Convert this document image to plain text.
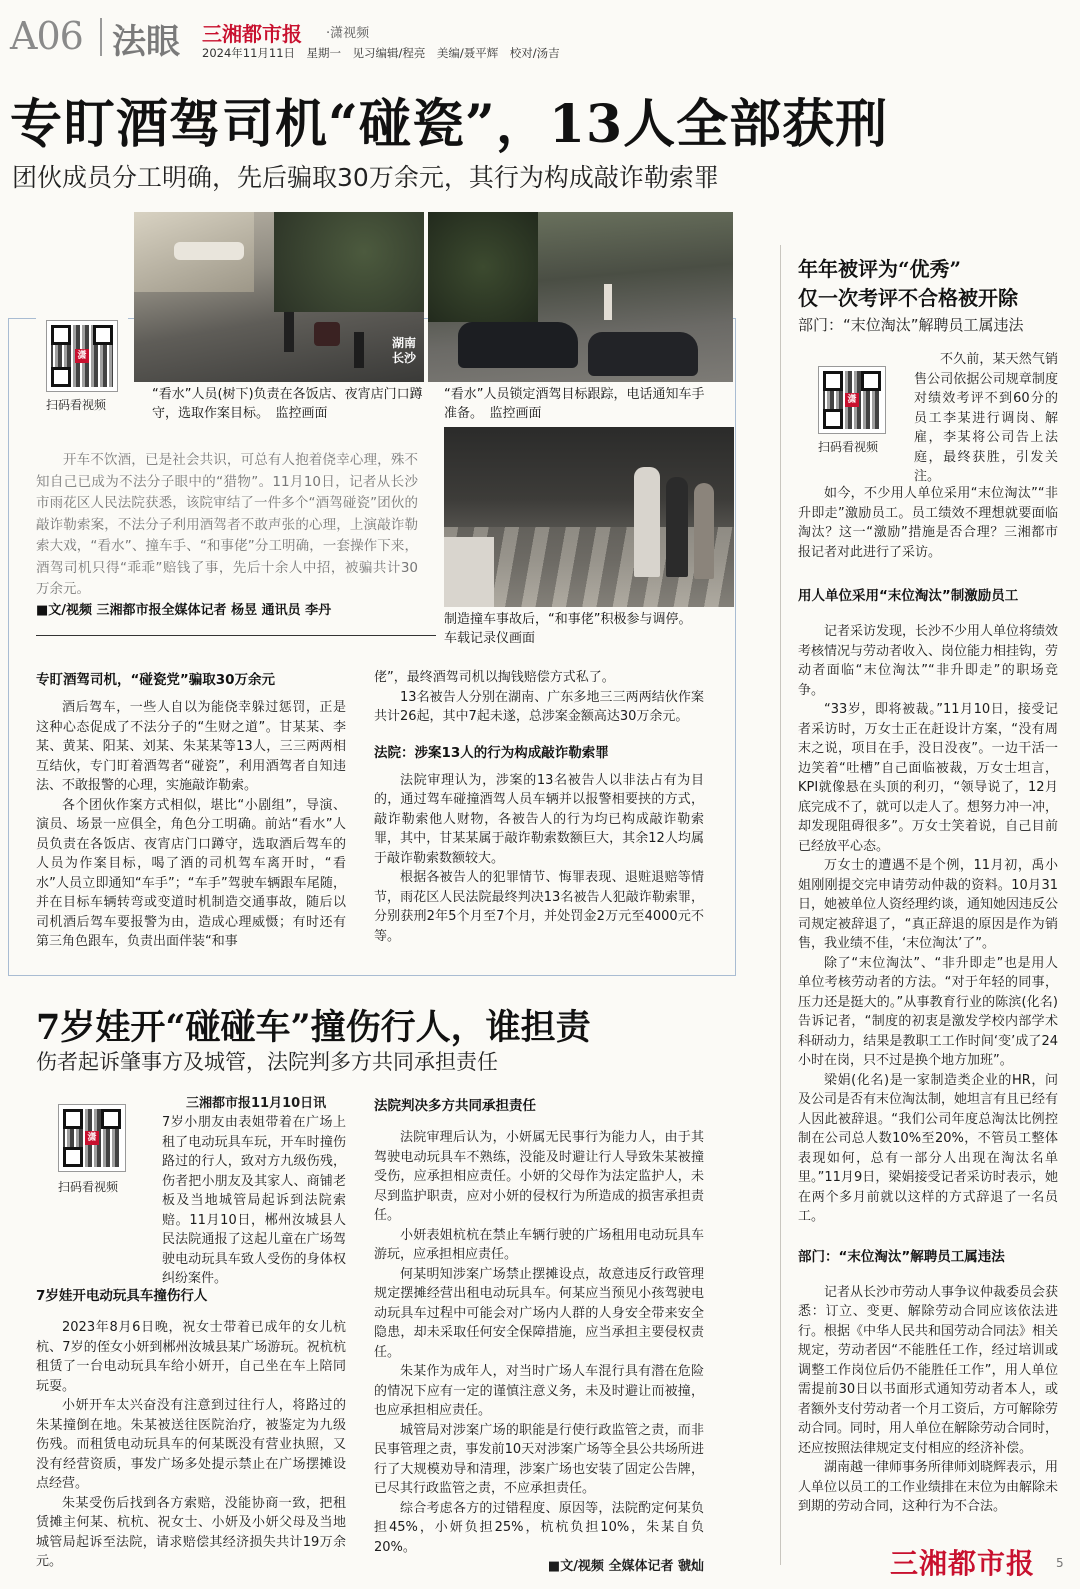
A06 法眼 三湘都市报 ·潇视频
2024年11月11日　星期一　见习编辑/程亮　美编/聂平辉　校对/汤吉
专盯酒驾司机“碰瓷”，13人全部获刑
团伙成员分工明确，先后骗取30万余元，其行为构成敲诈勒索罪
潇
扫码看视频
湖南长沙
“看水”人员(树下)负责在各饭店、夜宵店门口蹲守，选取作案目标。　监控画面
“看水”人员锁定酒驾目标跟踪，电话通知车手准备。　监控画面
制造撞车事故后，“和事佬”积极参与调停。　车载记录仪画面

开车不饮酒，已是社会共识，可总有人抱着侥幸心理，殊不知自己已成为不法分子眼中的“猎物”。11月10日，记者从长沙市雨花区人民法院获悉，该院审结了一件多个“酒驾碰瓷”团伙的敲诈勒索案，不法分子利用酒驾者不敢声张的心理，上演敲诈勒索大戏，“看水”、撞车手、“和事佬”分工明确，一套操作下来，酒驾司机只得“乖乖”赔钱了事，先后十余人中招，被骗共计30万余元。

■文/视频 三湘都市报全媒体记者 杨昱 通讯员 李丹
专盯酒驾司机，“碰瓷党”骗取30万余元

酒后驾车，一些人自以为能侥幸躲过惩罚，正是这种心态促成了不法分子的“生财之道”。甘某某、李某、黄某、阳某、刘某、朱某某等13人，三三两两相互结伙，专门盯着酒驾者“碰瓷”，利用酒驾者自知违法、不敢报警的心理，实施敲诈勒索。

各个团伙作案方式相似，堪比“小剧组”，导演、演员、场景一应俱全，角色分工明确。前站“看水”人员负责在各饭店、夜宵店门口蹲守，选取酒后驾车的人员为作案目标，喝了酒的司机驾车离开时，“看水”人员立即通知“车手”；“车手”驾驶车辆跟车尾随，并在目标车辆转弯或变道时机制造交通事故，随后以司机酒后驾车要报警为由，造成心理威慑；有时还有第三角色跟车，负责出面伴装“和事

佬”，最终酒驾司机以掏钱赔偿方式私了。

13名被告人分别在湖南、广东多地三三两两结伙作案共计26起，其中7起未遂，总涉案金额高达30万余元。

法院：涉案13人的行为构成敲诈勒索罪

法院审理认为，涉案的13名被告人以非法占有为目的，通过驾车碰撞酒驾人员车辆并以报警相要挟的方式，敲诈勒索他人财物，各被告人的行为均已构成敲诈勒索罪，其中，甘某某属于敲诈勒索数额巨大，其余12人均属于敲诈勒索数额较大。

根据各被告人的犯罪情节、悔罪表现、退赃退赔等情节，雨花区人民法院最终判决13名被告人犯敲诈勒索罪，分别获刑2年5个月至7个月，并处罚金2万元至4000元不等。

年年被评为“优秀”
仅一次考评不合格被开除
部门：“末位淘汰”解聘员工属违法
潇
扫码看视频

不久前，某天然气销售公司依据公司规章制度对绩效考评不到60分的员工李某进行调岗、解雇，李某将公司告上法庭，最终获胜，引发关注。

如今，不少用人单位采用“末位淘汰”“非升即走”激励员工。员工绩效不理想就要面临淘汰？这一“激励”措施是否合理？三湘都市报记者对此进行了采访。

用人单位采用“末位淘汰”制激励员工

记者采访发现，长沙不少用人单位将绩效考核情况与劳动者收入、岗位能力相挂钩，劳动者面临“末位淘汰”“非升即走”的职场竞争。

“33岁，即将被裁。”11月10日，接受记者采访时，万女士正在赶设计方案，“没有周末之说，项目在手，没日没夜”。一边干活一边笑着“吐槽”自己面临被裁，万女士坦言，KPI就像悬在头顶的利刃，“领导说了，12月底完成不了，就可以走人了。想努力冲一冲，却发现阻碍很多”。万女士笑着说，自己目前已经放平心态。

万女士的遭遇不是个例，11月初，禹小姐刚刚提交完申请劳动仲裁的资料。10月31日，她被单位人资经理约谈，通知她因违反公司规定被辞退了，“真正辞退的原因是作为销售，我业绩不佳，‘末位淘汰’了”。

除了“末位淘汰”、“非升即走”也是用人单位考核劳动者的方法。“对于年轻的同事，压力还是挺大的。”从事教育行业的陈滨(化名)告诉记者，“制度的初衷是激发学校内部学术科研动力，结果是教职工工作时间‘变’成了24小时在岗，只不过是换个地方加班”。

梁娟(化名)是一家制造类企业的HR，问及公司是否有末位淘汰制，她坦言有且已经有人因此被辞退。“我们公司年度总淘汰比例控制在公司总人数10%至20%，不管员工整体表现如何，总有一部分人出现在淘汰名单里。”11月9日，梁娟接受记者采访时表示，她在两个多月前就以这样的方式辞退了一名员工。

部门：“末位淘汰”解聘员工属违法

记者从长沙市劳动人事争议仲裁委员会获悉：订立、变更、解除劳动合同应该依法进行。根据《中华人民共和国劳动合同法》相关规定，劳动者因“不能胜任工作，经过培训或调整工作岗位后仍不能胜任工作”，用人单位需提前30日以书面形式通知劳动者本人，或者额外支付劳动者一个月工资后，方可解除劳动合同。同时，用人单位在解除劳动合同时，还应按照法律规定支付相应的经济补偿。

湖南越一律师事务所律师刘晓辉表示，用人单位以员工的工作业绩排在末位为由解除未到期的劳动合同，这种行为不合法。

7岁娃开“碰碰车”撞伤行人，谁担责
伤者起诉肇事方及城管，法院判多方共同承担责任
潇
扫码看视频
三湘都市报11月10日讯
7岁小朋友由表姐带着在广场上租了电动玩具车玩，开车时撞伤路过的行人，致对方九级伤残，伤者把小朋友及其家人、商铺老板及当地城管局起诉到法院索赔。11月10日，郴州汝城县人民法院通报了这起儿童在广场驾驶电动玩具车致人受伤的身体权纠纷案件。
7岁娃开电动玩具车撞伤行人

2023年8月6日晚，祝女士带着已成年的女儿杭杭、7岁的侄女小妍到郴州汝城县某广场游玩。祝杭杭租赁了一台电动玩具车给小妍开，自己坐在车上陪同玩耍。

小妍开车太兴奋没有注意到过往行人，将路过的朱某撞倒在地。朱某被送往医院治疗，被鉴定为九级伤残。而租赁电动玩具车的何某既没有营业执照，又没有经营资质，事发广场多处提示禁止在广场摆摊设点经营。

朱某受伤后找到各方索赔，没能协商一致，把租赁摊主何某、杭杭、祝女士、小妍及小妍父母及当地城管局起诉至法院，请求赔偿其经济损失共计19万余元。

法院判决多方共同承担责任

法院审理后认为，小妍属无民事行为能力人，由于其驾驶电动玩具车不熟练，没能及时避让行人导致朱某被撞受伤，应承担相应责任。小妍的父母作为法定监护人，未尽到监护职责，应对小妍的侵权行为所造成的损害承担责任。

小妍表姐杭杭在禁止车辆行驶的广场租用电动玩具车游玩，应承担相应责任。

何某明知涉案广场禁止摆摊设点，故意违反行政管理规定摆摊经营出租电动玩具车。何某应当预见小孩驾驶电动玩具车过程中可能会对广场内人群的人身安全带来安全隐患，却未采取任何安全保障措施，应当承担主要侵权责任。

朱某作为成年人，对当时广场人车混行具有潜在危险的情况下应有一定的谨慎注意义务，未及时避让而被撞，也应承担相应责任。

城管局对涉案广场的职能是行使行政监管之责，而非民事管理之责，事发前10天对涉案广场等全县公共场所进行了大规模劝导和清理，涉案广场也安装了固定公告牌，已尽其行政监管之责，不应承担责任。

综合考虑各方的过错程度、原因等，法院酌定何某负担45%，小妍负担25%，杭杭负担10%，朱某自负20%。

■文/视频 全媒体记者 虢灿	三湘都市报	5
